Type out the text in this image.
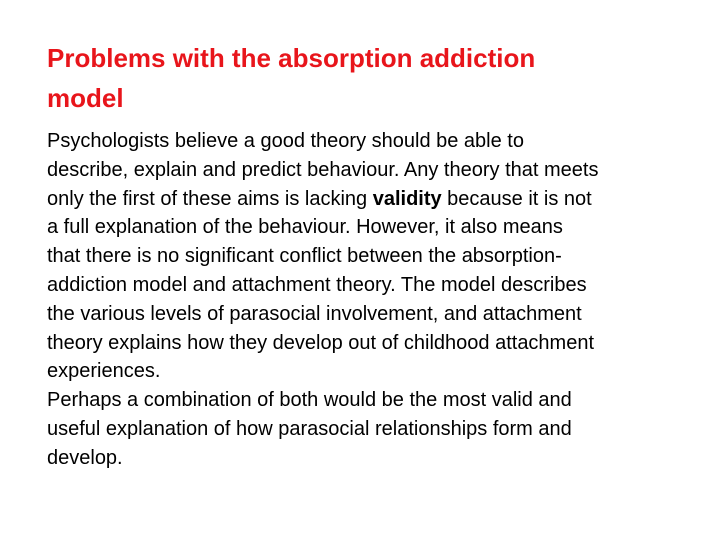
Problems with the absorption addiction
model
Psychologists believe a good theory should be able to
describe, explain and predict behaviour. Any theory that meets
only the first of these aims is lacking validity because it is not
a full explanation of the behaviour. However, it also means
that there is no significant conflict between the absorption-
addiction model and attachment theory. The model describes
the various levels of parasocial involvement, and attachment
theory explains how they develop out of childhood attachment
experiences.
Perhaps a combination of both would be the most valid and
useful explanation of how parasocial relationships form and
develop.
